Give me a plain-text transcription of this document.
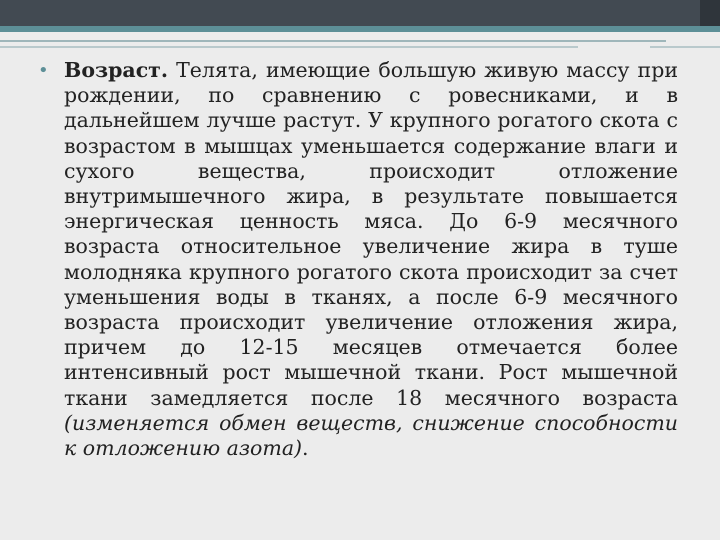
• Возраст. Телята, имеющие большую живую массу при рождении, по сравнению с ровесниками, и в дальнейшем лучше растут. У крупного рогатого скота с возрастом в мышцах уменьшается содержание влаги и сухого вещества, происходит отложение внутримышечного жира, в результате повышается энергическая ценность мяса. До 6-9 месячного возраста относительное увеличение жира в туше молодняка крупного рогатого скота происходит за счет уменьшения воды в тканях, а после 6-9 месячного возраста происходит увеличение отложения жира, причем до 12-15 месяцев отмечается более интенсивный рост мышечной ткани. Рост мышечной ткани замедляется после 18 месячного возраста (изменяется обмен веществ, снижение способности к отложению азота).
